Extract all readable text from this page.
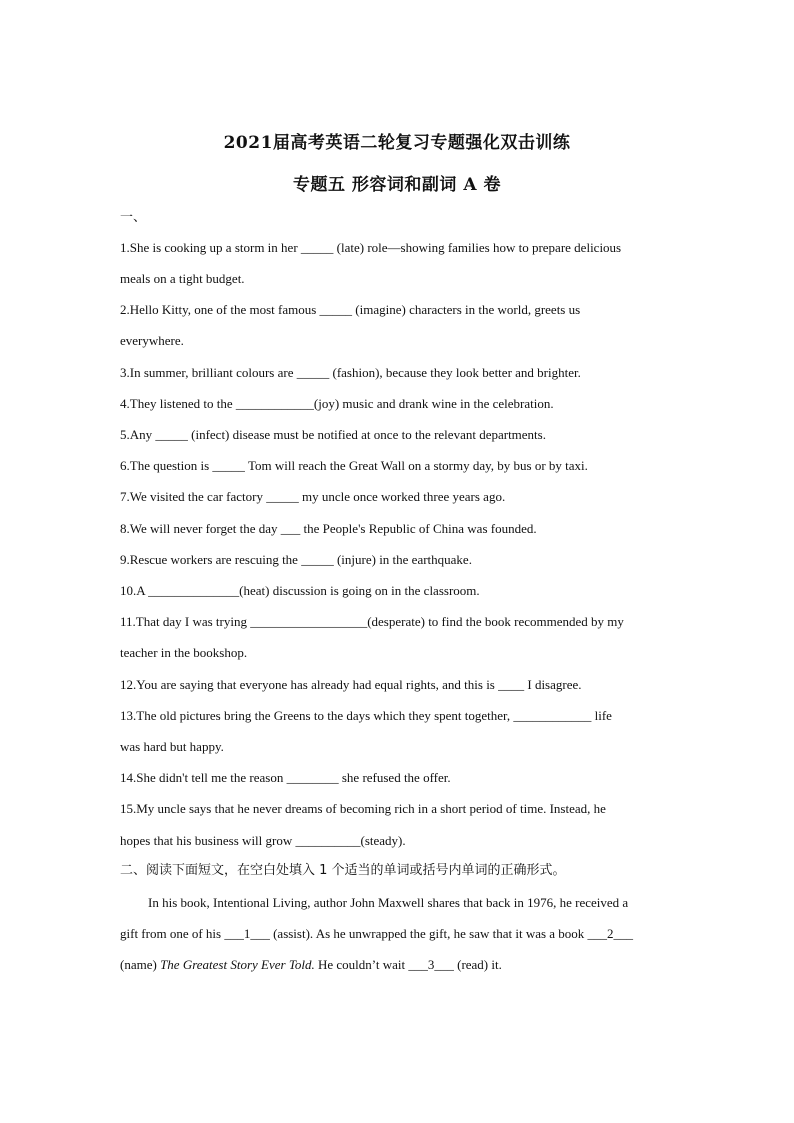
2021届高考英语二轮复习专题强化双击训练
专题五 形容词和副词 A 卷
一、
1.She is cooking up a storm in her _____ (late) role—showing families how to prepare delicious
meals on a tight budget.
2.Hello Kitty, one of the most famous _____ (imagine) characters in the world, greets us
everywhere.
3.In summer, brilliant colours are _____ (fashion), because they look better and brighter.
4.They listened to the ____________(joy) music and drank wine in the celebration.
5.Any _____ (infect) disease must be notified at once to the relevant departments.
6.The question is _____ Tom will reach the Great Wall on a stormy day, by bus or by taxi.
7.We visited the car factory _____ my uncle once worked three years ago.
8.We will never forget the day ___ the People's Republic of China was founded.
9.Rescue workers are rescuing the _____ (injure) in the earthquake.
10.A ______________(heat) discussion is going on in the classroom.
11.That day I was trying __________________(desperate) to find the book recommended by my
teacher in the bookshop.
12.You are saying that everyone has already had equal rights, and this is ____ I disagree.
13.The old pictures bring the Greens to the days which they spent together, ____________ life
was hard but happy.
14.She didn't tell me the reason ________ she refused the offer.
15.My uncle says that he never dreams of becoming rich in a short period of time. Instead, he
hopes that his business will grow __________(steady).
二、阅读下面短文，在空白处填入 1 个适当的单词或括号内单词的正确形式。
In his book, Intentional Living, author John Maxwell shares that back in 1976, he received a
gift from one of his ___1___ (assist). As he unwrapped the gift, he saw that it was a book ___2___
(name) The Greatest Story Ever Told. He couldn’t wait ___3___ (read) it.
